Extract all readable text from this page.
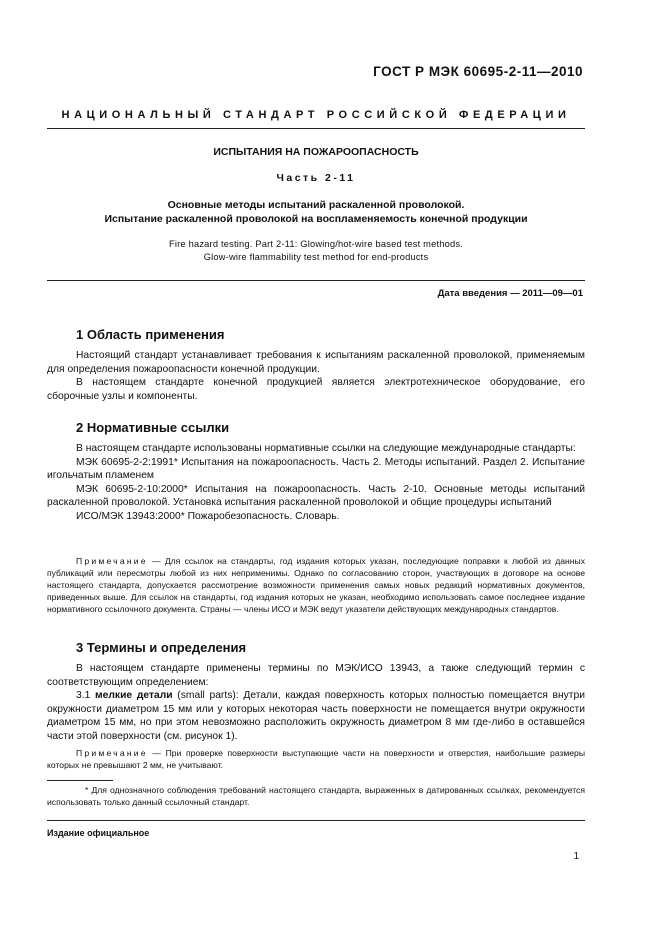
ГОСТ Р МЭК 60695-2-11—2010
НАЦИОНАЛЬНЫЙ СТАНДАРТ РОССИЙСКОЙ ФЕДЕРАЦИИ
ИСПЫТАНИЯ НА ПОЖАРООПАСНОСТЬ
Часть 2-11
Основные методы испытаний раскаленной проволокой.
Испытание раскаленной проволокой на воспламеняемость конечной продукции
Fire hazard testing. Part 2-11: Glowing/hot-wire based test methods.
Glow-wire flammability test method for end-products
Дата введения — 2011—09—01
1 Область применения
Настоящий стандарт устанавливает требования к испытаниям раскаленной проволокой, применяемым для определения пожароопасности конечной продукции.
В настоящем стандарте конечной продукцией является электротехническое оборудование, его сборочные узлы и компоненты.
2 Нормативные ссылки
В настоящем стандарте использованы нормативные ссылки на следующие международные стандарты:
МЭК 60695-2-2:1991* Испытания на пожароопасность. Часть 2. Методы испытаний. Раздел 2. Испытание игольчатым пламенем
МЭК 60695-2-10:2000* Испытания на пожароопасность. Часть 2-10. Основные методы испытаний раскаленной проволокой. Установка испытания раскаленной проволокой и общие процедуры испытаний
ИСО/МЭК 13943:2000* Пожаробезопасность. Словарь.
Примечание — Для ссылок на стандарты, год издания которых указан, последующие поправки к любой из данных публикаций или пересмотры любой из них неприменимы. Однако по согласованию сторон, участвующих в договоре на основе настоящего стандарта, допускается рассмотрение возможности применения самых новых редакций нормативных документов, приведенных выше. Для ссылок на стандарты, год издания которых не указан, необходимо использовать самое последнее издание нормативного ссылочного документа. Страны — члены ИСО и МЭК ведут указатели действующих международных стандартов.
3 Термины и определения
В настоящем стандарте применены термины по МЭК/ИСО 13943, а также следующий термин с соответствующим определением:
3.1 мелкие детали (small parts): Детали, каждая поверхность которых полностью помещается внутри окружности диаметром 15 мм или у которых некоторая часть поверхности не помещается внутри окружности диаметром 15 мм, но при этом невозможно расположить окружность диаметром 8 мм где-либо в оставшейся части этой поверхности (см. рисунок 1).
Примечание — При проверке поверхности выступающие части на поверхности и отверстия, наибольшие размеры которых не превышают 2 мм, не учитывают.
* Для однозначного соблюдения требований настоящего стандарта, выраженных в датированных ссылках, рекомендуется использовать только данный ссылочный стандарт.
Издание официальное
1
